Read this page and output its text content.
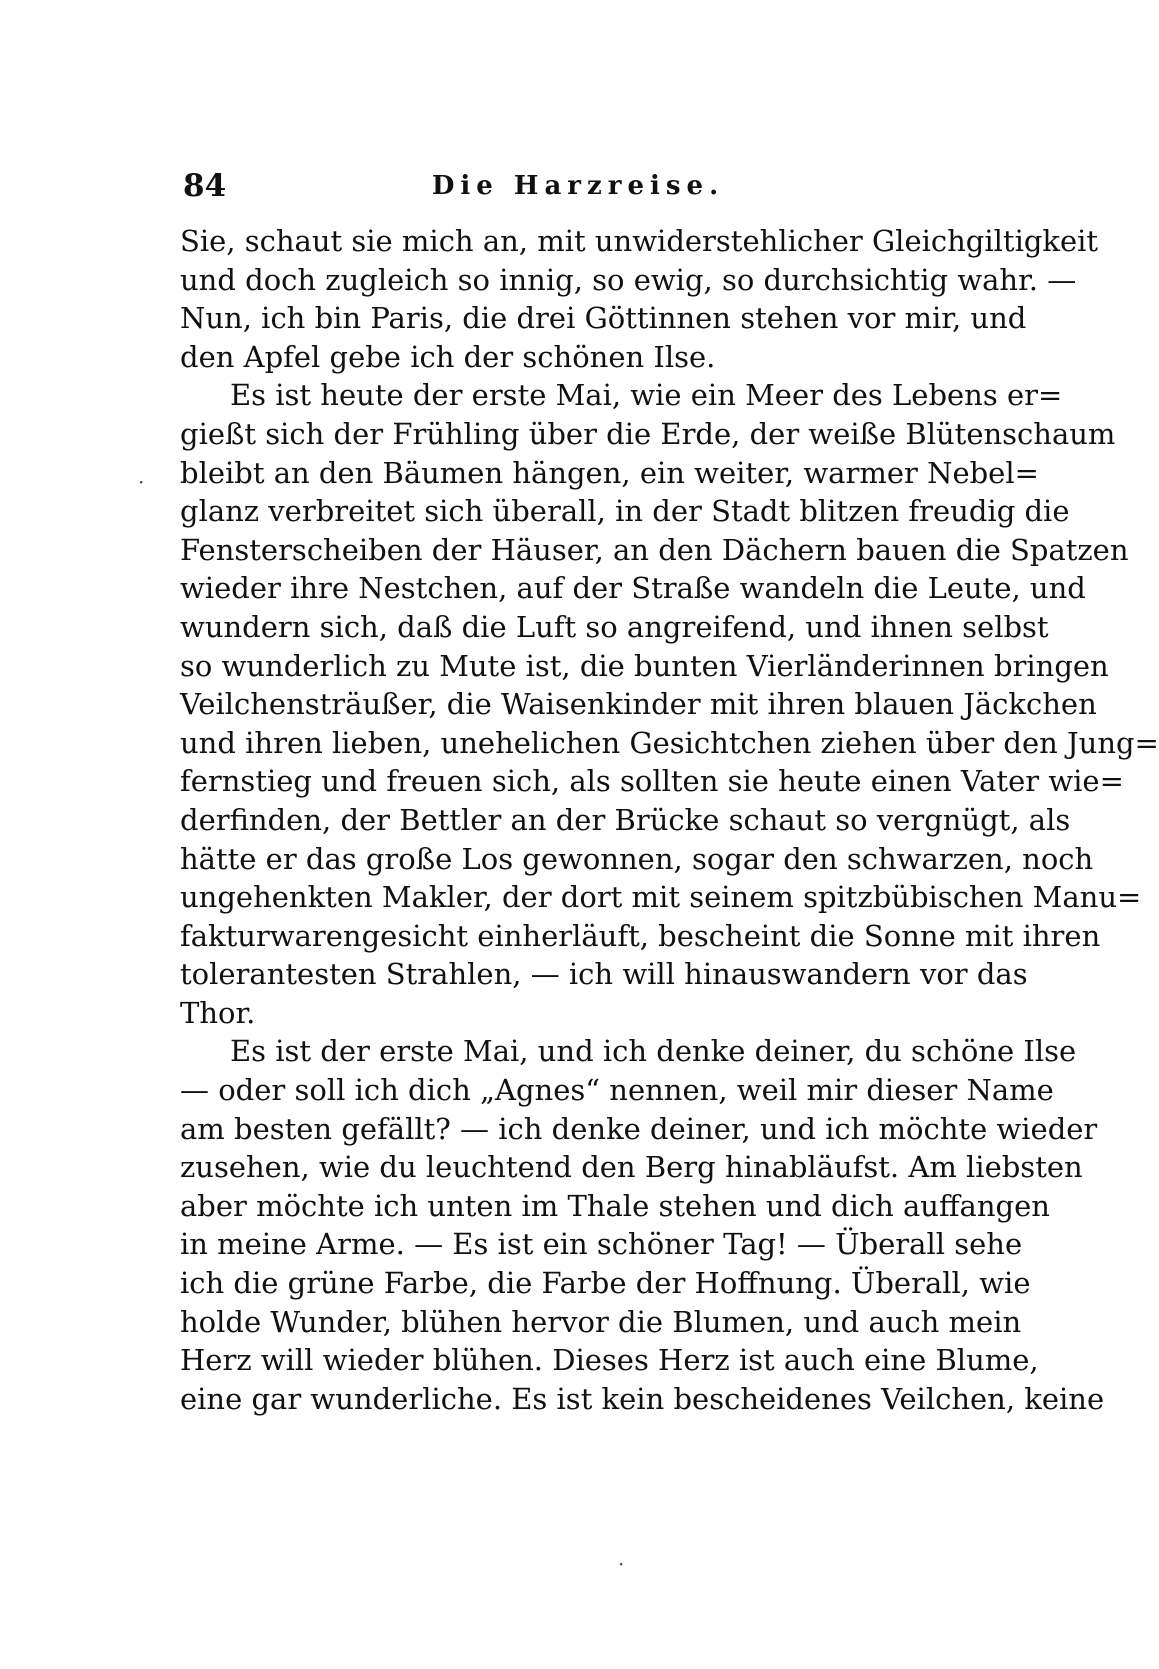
84	Die Harzreise.
Sie, schaut sie mich an, mit unwiderstehlicher Gleichgiltigkeit
und doch zugleich so innig, so ewig, so durchsichtig wahr. —
Nun, ich bin Paris, die drei Göttinnen stehen vor mir, und
den Apfel gebe ich der schönen Ilse.
Es ist heute der erste Mai, wie ein Meer des Lebens er=
gießt sich der Frühling über die Erde, der weiße Blütenschaum
bleibt an den Bäumen hängen, ein weiter, warmer Nebel=
glanz verbreitet sich überall, in der Stadt blitzen freudig die
Fensterscheiben der Häuser, an den Dächern bauen die Spatzen
wieder ihre Nestchen, auf der Straße wandeln die Leute, und
wundern sich, daß die Luft so angreifend, und ihnen selbst
so wunderlich zu Mute ist, die bunten Vierländerinnen bringen
Veilchensträußer, die Waisenkinder mit ihren blauen Jäckchen
und ihren lieben, unehelichen Gesichtchen ziehen über den Jung=
fernstieg und freuen sich, als sollten sie heute einen Vater wie=
derfinden, der Bettler an der Brücke schaut so vergnügt, als
hätte er das große Los gewonnen, sogar den schwarzen, noch
ungehenkten Makler, der dort mit seinem spitzbübischen Manu=
fakturwarengesicht einherläuft, bescheint die Sonne mit ihren
tolerantesten Strahlen, — ich will hinauswandern vor das
Thor.
Es ist der erste Mai, und ich denke deiner, du schöne Ilse
— oder soll ich dich „Agnes“ nennen, weil mir dieser Name
am besten gefällt? — ich denke deiner, und ich möchte wieder
zusehen, wie du leuchtend den Berg hinabläufst. Am liebsten
aber möchte ich unten im Thale stehen und dich auffangen
in meine Arme. — Es ist ein schöner Tag! — Überall sehe
ich die grüne Farbe, die Farbe der Hoffnung. Überall, wie
holde Wunder, blühen hervor die Blumen, und auch mein
Herz will wieder blühen. Dieses Herz ist auch eine Blume,
eine gar wunderliche. Es ist kein bescheidenes Veilchen, keine
·
·
